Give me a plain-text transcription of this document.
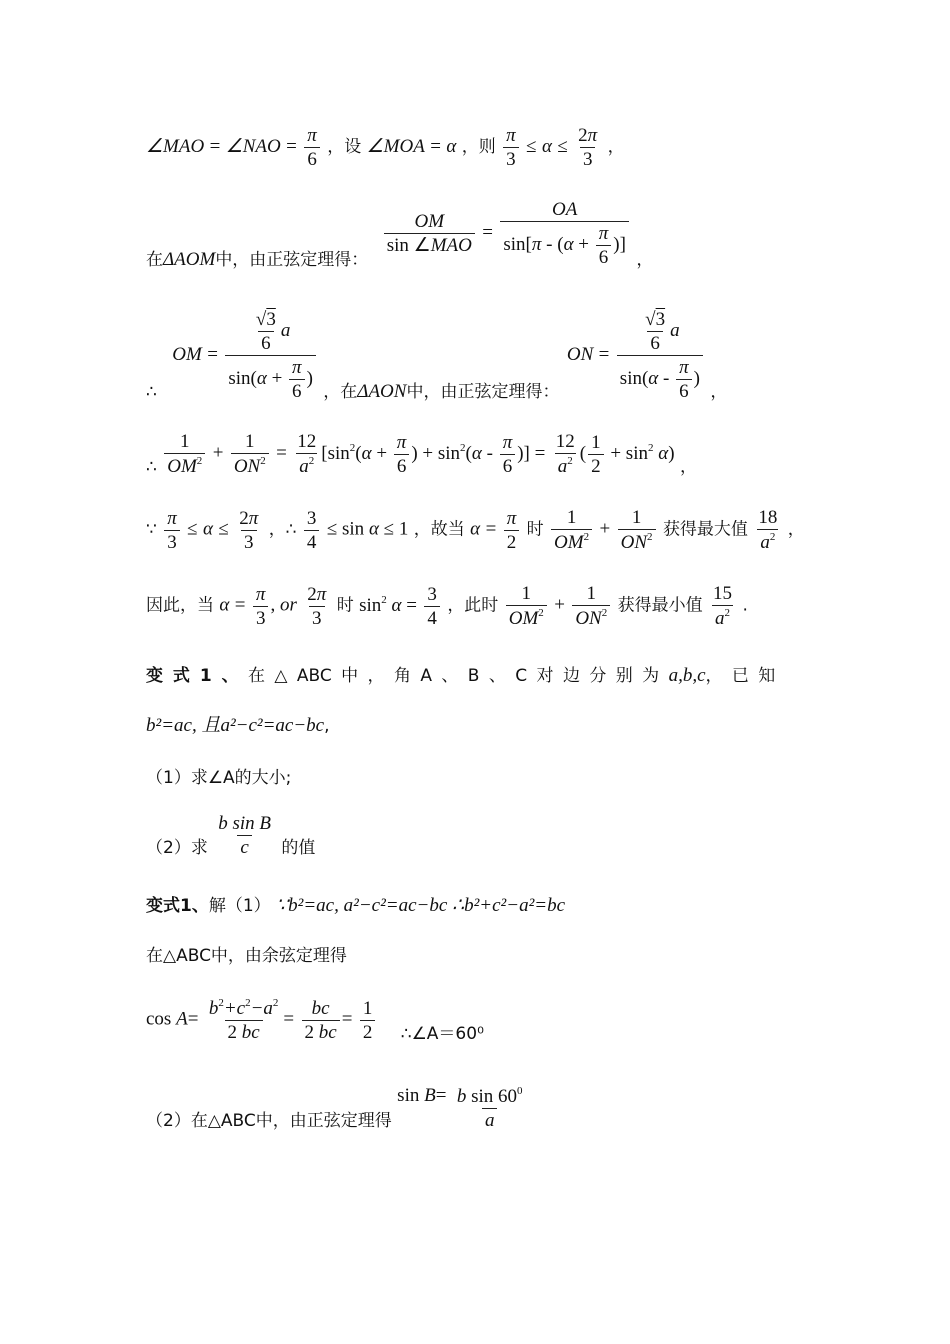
∠MAO = ∠NAO = $\frac{\pi}{6}$ ，设 ∠MOA = α ，则 $\frac{\pi}{3} \le \alpha \le \frac{2\pi}{3}$ ，
在ΔAOM中，由正弦定理得：
$\frac{OM}{\text{sin ∠MAO}} = \frac{OA}{\sin[\pi - (\alpha + \frac{\pi}{6} )]}$ ，
∴ OM = $\frac{\frac{√3}{6} a}{\sin(\alpha + \frac{\pi}{6} )}$ ，在ΔAON中，由正弦定理得： ON = $\frac{\frac{√3}{6} a}{\sin(\alpha - \frac{\pi}{6} )}$ ，
∴ $\frac{1}{OM^2} + \frac{1}{ON^2} = \frac{12}{a^2} [\sin^2(\alpha + \frac{\pi}{6}$ ) + $\sin^2(\alpha - \frac{\pi}{6}$ )] = $\frac{12}{a^2}$ ( $\frac{1}{2} + \sin^2 \alpha$) ，
∵ $\frac{\pi}{3} \le \alpha \le \frac{2\pi}{3}$ ，∴ $\frac{3}{4} \le \sin \alpha \le 1$ ，故当 $\alpha = \frac{\pi}{2}$ 时 $\frac{1}{OM^2} + \frac{1}{ON^2}$ 获得最大值 $\frac{18}{a^2}$ ，
因此，当 $\alpha = \frac{\pi}{3}$ , or $\frac{2\pi}{3}$ 时 $\sin^2 \alpha = \frac{3}{4}$ ，此时 $\frac{1}{OM^2} + \frac{1}{ON^2}$ 获得最小值 $\frac{15}{a^2}$ .
变 式 1 、 在 △ ABC 中 ， 角 A 、 B 、 C 对 边 分 别 为 a,b,c， 已 知
b²=ac, 且a²−c²=ac−bc,
（1）求∠A的大小;
（2）求 $\frac{\text{b sin B}}{c}$ 的值
变式1、解（1） ∵b²=ac, a²−c²=ac−bc ∴b²+c²−a²=bc
在△ABC中，由余弦定理得
$\cos A= \frac{b^2+c^2-a^2}{2 bc} = \frac{bc}{2 bc} = \frac{1}{2}$ ∴∠A＝60⁰
（2）在△ABC中，由正弦定理得 $\sin B= \frac{b \sin 60^0}{a}$
